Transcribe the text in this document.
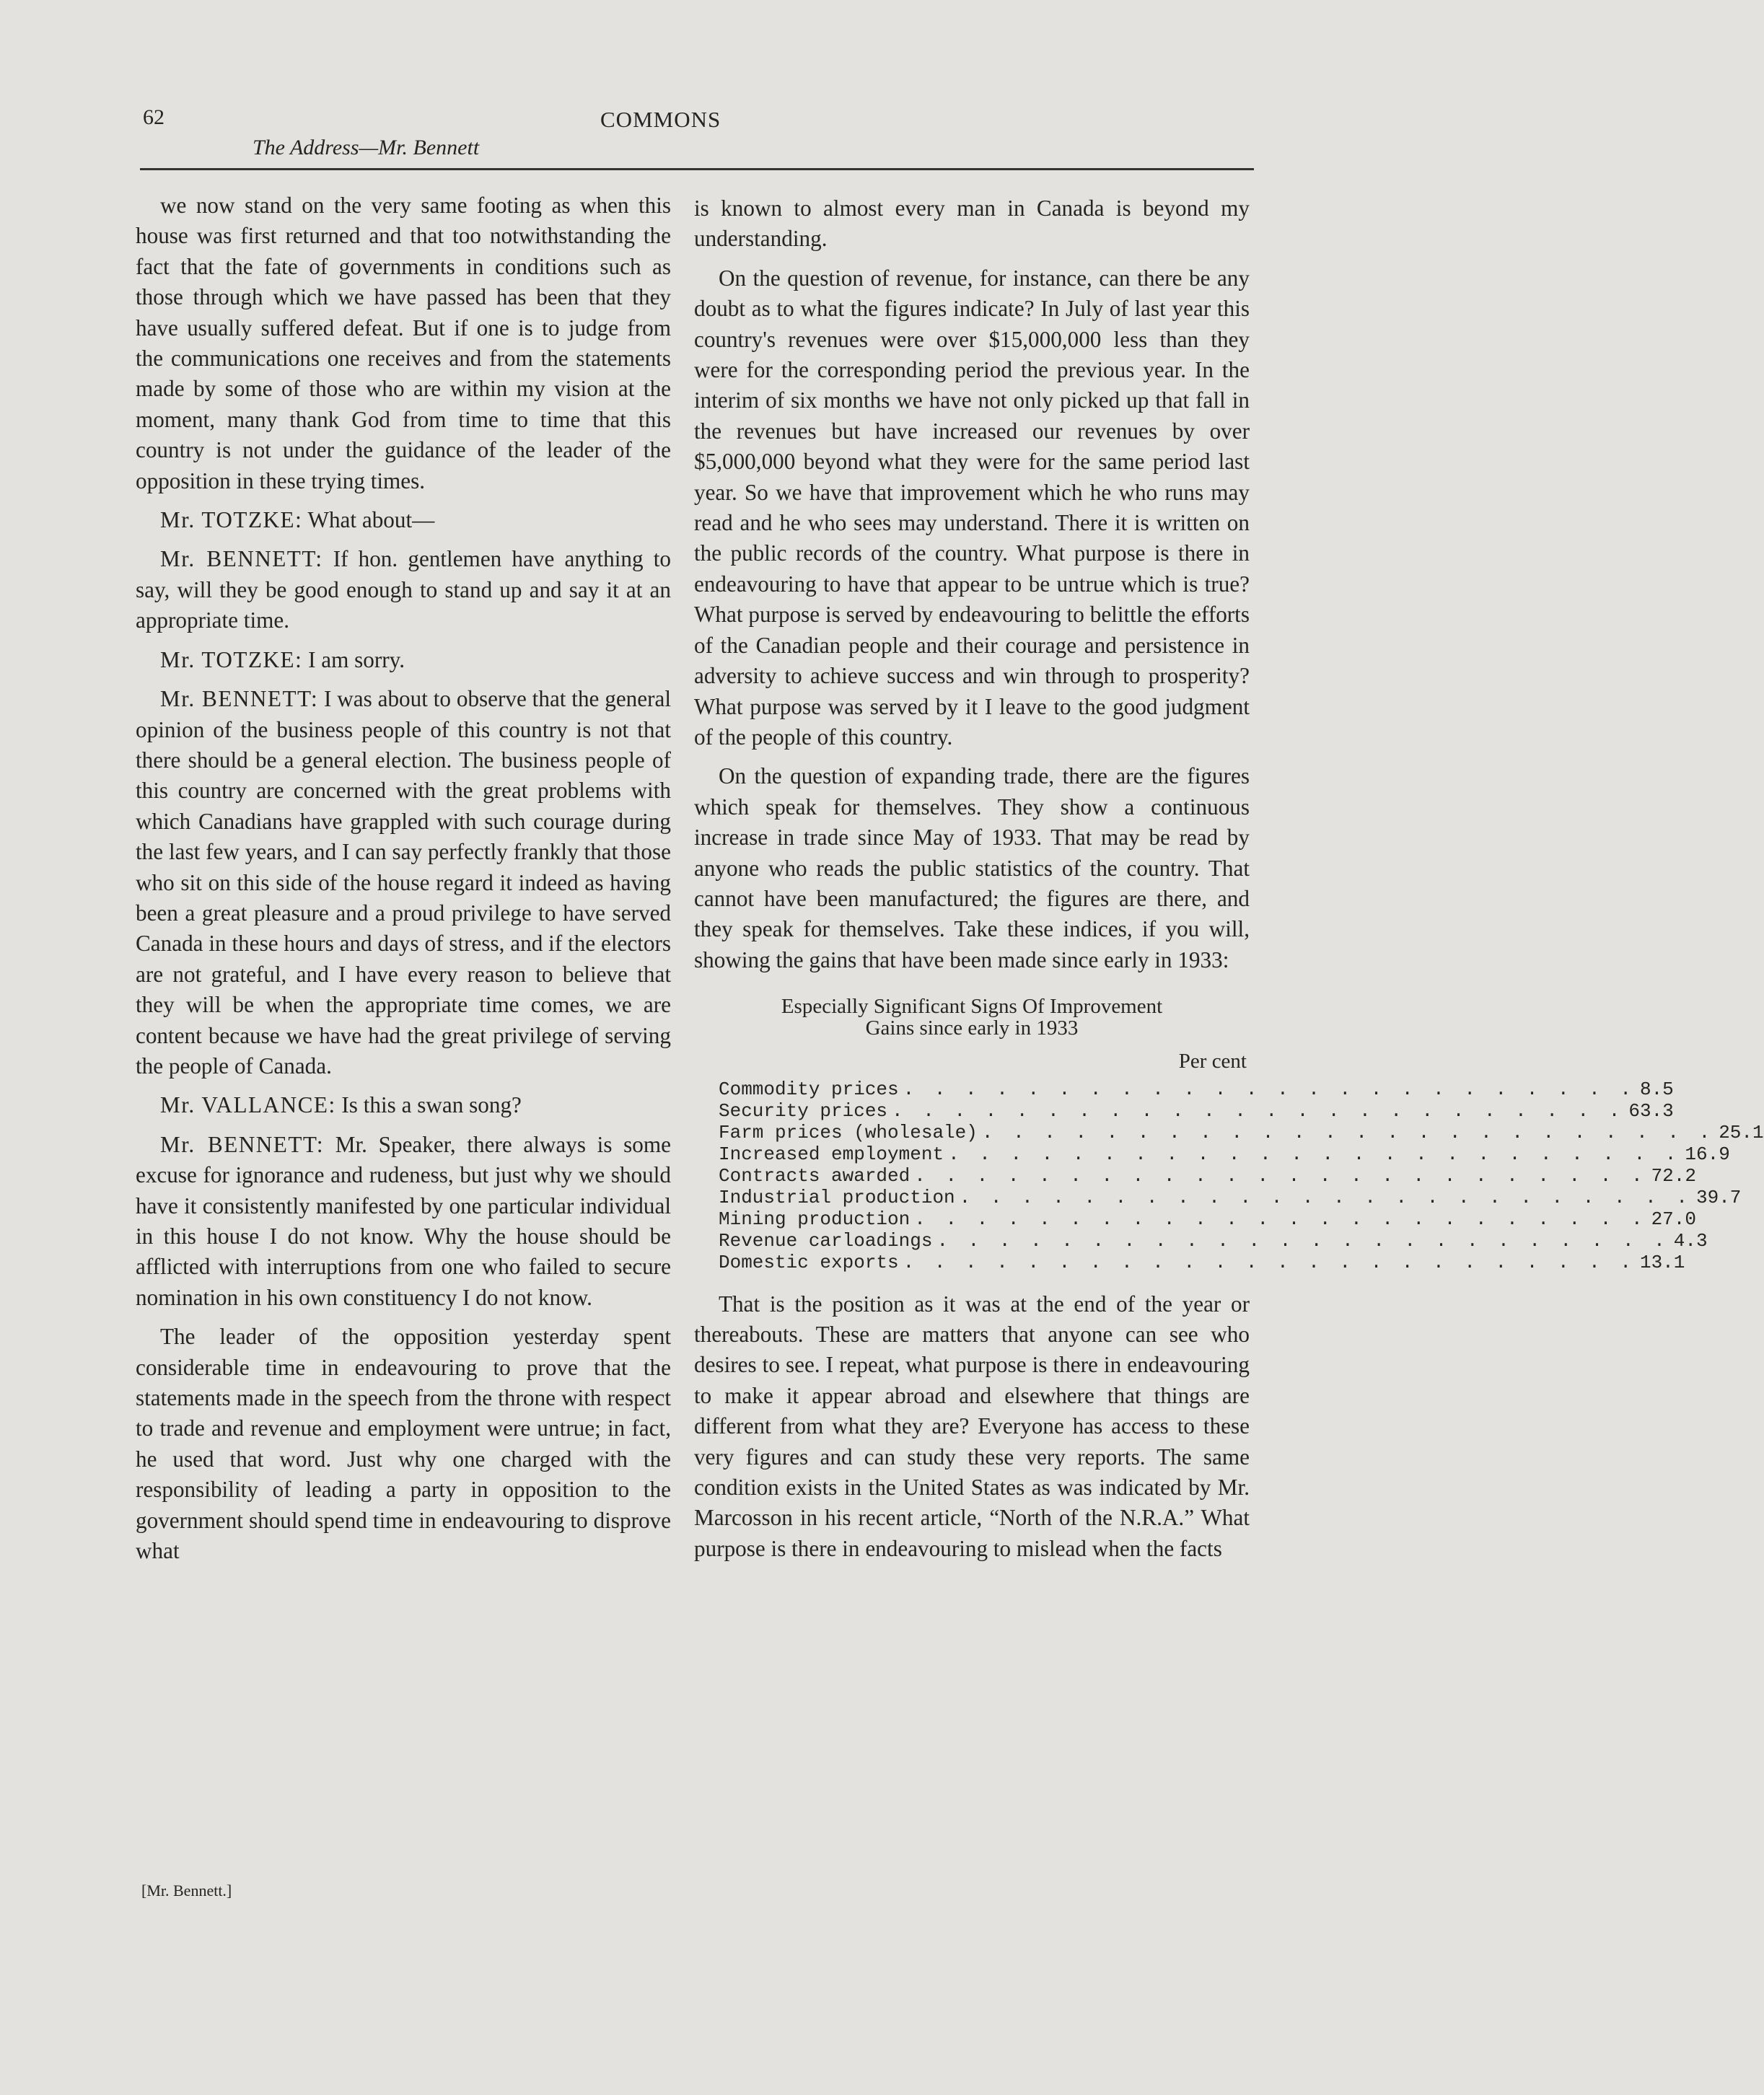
62	COMMONS
The Address—Mr. Bennett

we now stand on the very same footing as when this house was first returned and that too notwithstanding the fact that the fate of governments in conditions such as those through which we have passed has been that they have usually suffered defeat. But if one is to judge from the communications one receives and from the statements made by some of those who are within my vision at the moment, many thank God from time to time that this country is not under the guidance of the leader of the opposition in these trying times.

Mr. TOTZKE: What about—

Mr. BENNETT: If hon. gentlemen have anything to say, will they be good enough to stand up and say it at an appropriate time.

Mr. TOTZKE: I am sorry.

Mr. BENNETT: I was about to observe that the general opinion of the business people of this country is not that there should be a general election. The business people of this country are concerned with the great problems with which Canadians have grappled with such courage during the last few years, and I can say perfectly frankly that those who sit on this side of the house regard it indeed as having been a great pleasure and a proud privilege to have served Canada in these hours and days of stress, and if the electors are not grateful, and I have every reason to believe that they will be when the appropriate time comes, we are content because we have had the great privilege of serving the people of Canada.

Mr. VALLANCE: Is this a swan song?

Mr. BENNETT: Mr. Speaker, there always is some excuse for ignorance and rudeness, but just why we should have it consistently manifested by one particular individual in this house I do not know. Why the house should be afflicted with interruptions from one who failed to secure nomination in his own constituency I do not know.

The leader of the opposition yesterday spent considerable time in endeavouring to prove that the statements made in the speech from the throne with respect to trade and revenue and employment were untrue; in fact, he used that word. Just why one charged with the responsibility of leading a party in opposition to the government should spend time in endeavouring to disprove what

[Mr. Bennett.]

is known to almost every man in Canada is beyond my understanding.

On the question of revenue, for instance, can there be any doubt as to what the figures indicate? In July of last year this country's revenues were over $15,000,000 less than they were for the corresponding period the previous year. In the interim of six months we have not only picked up that fall in the revenues but have increased our revenues by over $5,000,000 beyond what they were for the same period last year. So we have that improvement which he who runs may read and he who sees may understand. There it is written on the public records of the country. What purpose is there in endeavouring to have that appear to be untrue which is true? What purpose is served by endeavouring to belittle the efforts of the Canadian people and their courage and persistence in adversity to achieve success and win through to prosperity? What purpose was served by it I leave to the good judgment of the people of this country.

On the question of expanding trade, there are the figures which speak for themselves. They show a continuous increase in trade since May of 1933. That may be read by anyone who reads the public statistics of the country. That cannot have been manufactured; the figures are there, and they speak for themselves. Take these indices, if you will, showing the gains that have been made since early in 1933:

Especially Significant Signs Of Improvement
Gains since early in 1933
Per cent
Commodity prices . . . . . . . . . . . . . . . . . . . . . . . . 8.5
Security prices . . . . . . . . . . . . . . . . . . . . . . . . 63.3
Farm prices (wholesale) . . . . . . . . . . . . . . . . . . . . . . . . 25.1
Increased employment . . . . . . . . . . . . . . . . . . . . . . . . 16.9
Contracts awarded . . . . . . . . . . . . . . . . . . . . . . . . 72.2
Industrial production . . . . . . . . . . . . . . . . . . . . . . . . 39.7
Mining production . . . . . . . . . . . . . . . . . . . . . . . . 27.0
Revenue carloadings . . . . . . . . . . . . . . . . . . . . . . . . 4.3
Domestic exports . . . . . . . . . . . . . . . . . . . . . . . . 13.1

That is the position as it was at the end of the year or thereabouts. These are matters that anyone can see who desires to see. I repeat, what purpose is there in endeavouring to make it appear abroad and elsewhere that things are different from what they are? Everyone has access to these very figures and can study these very reports. The same condition exists in the United States as was indicated by Mr. Marcosson in his recent article, “North of the N.R.A.” What purpose is there in endeavouring to mislead when the facts
